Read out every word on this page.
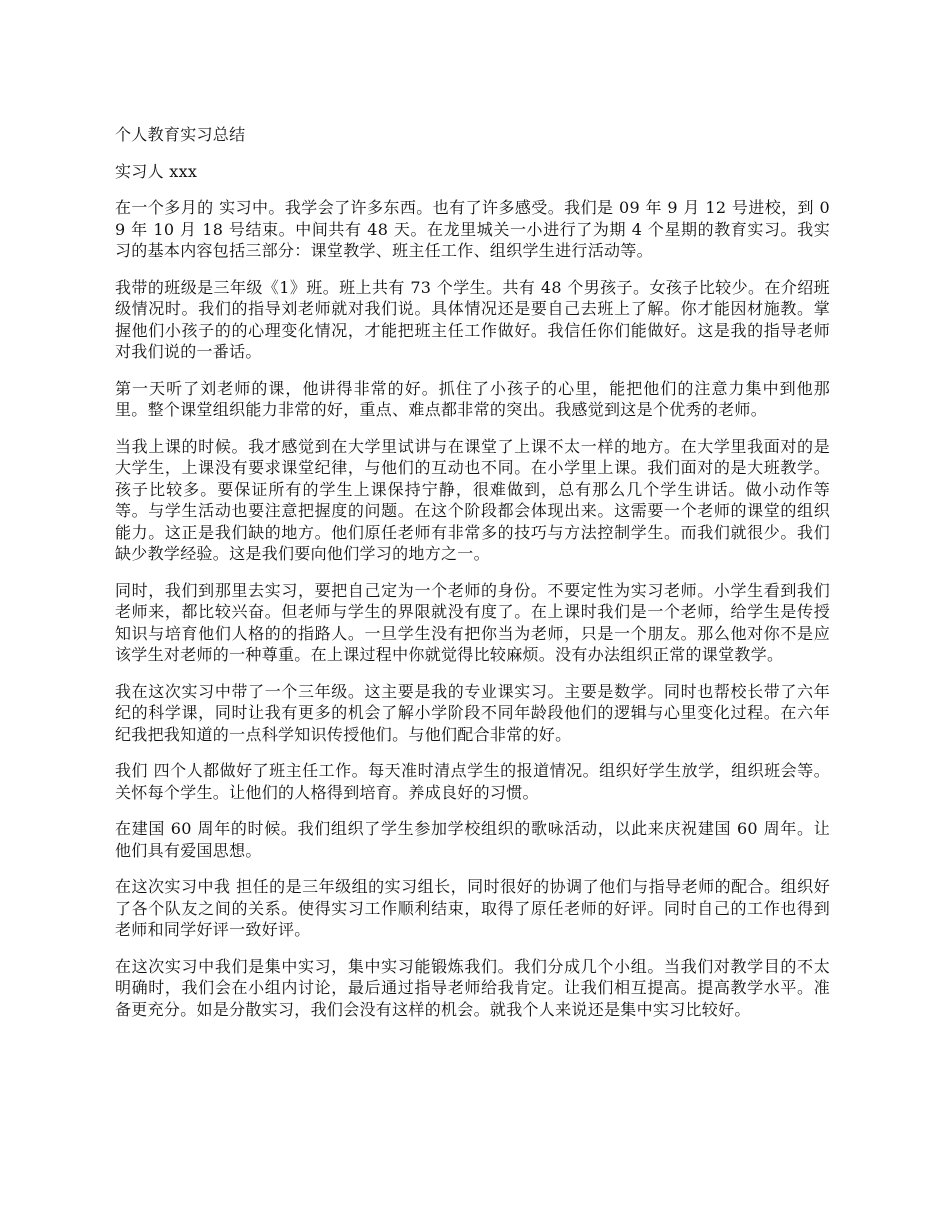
个人教育实习总结

实习人 xxx

在一个多月的 实习中。我学会了许多东西。也有了许多感受。我们是 09 年 9 月 12 号进校，到 09 年 10 月 18 号结束。中间共有 48 天。在龙里城关一小进行了为期 4 个星期的教育实习。我实习的基本内容包括三部分：课堂教学、班主任工作、组织学生进行活动等。

我带的班级是三年级《1》班。班上共有 73 个学生。共有 48 个男孩子。女孩子比较少。在介绍班级情况时。我们的指导刘老师就对我们说。具体情况还是要自己去班上了解。你才能因材施教。掌握他们小孩子的的心理变化情况，才能把班主任工作做好。我信任你们能做好。这是我的指导老师对我们说的一番话。

第一天听了刘老师的课，他讲得非常的好。抓住了小孩子的心里，能把他们的注意力集中到他那里。整个课堂组织能力非常的好，重点、难点都非常的突出。我感觉到这是个优秀的老师。

当我上课的时候。我才感觉到在大学里试讲与在课堂了上课不太一样的地方。在大学里我面对的是大学生，上课没有要求课堂纪律，与他们的互动也不同。在小学里上课。我们面对的是大班教学。孩子比较多。要保证所有的学生上课保持宁静，很难做到，总有那么几个学生讲话。做小动作等等。与学生活动也要注意把握度的问题。在这个阶段都会体现出来。这需要一个老师的课堂的组织能力。这正是我们缺的地方。他们原任老师有非常多的技巧与方法控制学生。而我们就很少。我们缺少教学经验。这是我们要向他们学习的地方之一。

同时，我们到那里去实习，要把自己定为一个老师的身份。不要定性为实习老师。小学生看到我们老师来，都比较兴奋。但老师与学生的界限就没有度了。在上课时我们是一个老师，给学生是传授知识与培育他们人格的的指路人。一旦学生没有把你当为老师，只是一个朋友。那么他对你不是应该学生对老师的一种尊重。在上课过程中你就觉得比较麻烦。没有办法组织正常的课堂教学。

我在这次实习中带了一个三年级。这主要是我的专业课实习。主要是数学。同时也帮校长带了六年纪的科学课，同时让我有更多的机会了解小学阶段不同年龄段他们的逻辑与心里变化过程。在六年纪我把我知道的一点科学知识传授他们。与他们配合非常的好。

我们 四个人都做好了班主任工作。每天准时清点学生的报道情况。组织好学生放学，组织班会等。关怀每个学生。让他们的人格得到培育。养成良好的习惯。

在建国 60 周年的时候。我们组织了学生参加学校组织的歌咏活动，以此来庆祝建国 60 周年。让他们具有爱国思想。

在这次实习中我 担任的是三年级组的实习组长，同时很好的协调了他们与指导老师的配合。组织好了各个队友之间的关系。使得实习工作顺利结束，取得了原任老师的好评。同时自己的工作也得到老师和同学好评一致好评。

在这次实习中我们是集中实习，集中实习能锻炼我们。我们分成几个小组。当我们对教学目的不太明确时，我们会在小组内讨论，最后通过指导老师给我肯定。让我们相互提高。提高教学水平。准备更充分。如是分散实习，我们会没有这样的机会。就我个人来说还是集中实习比较好。
